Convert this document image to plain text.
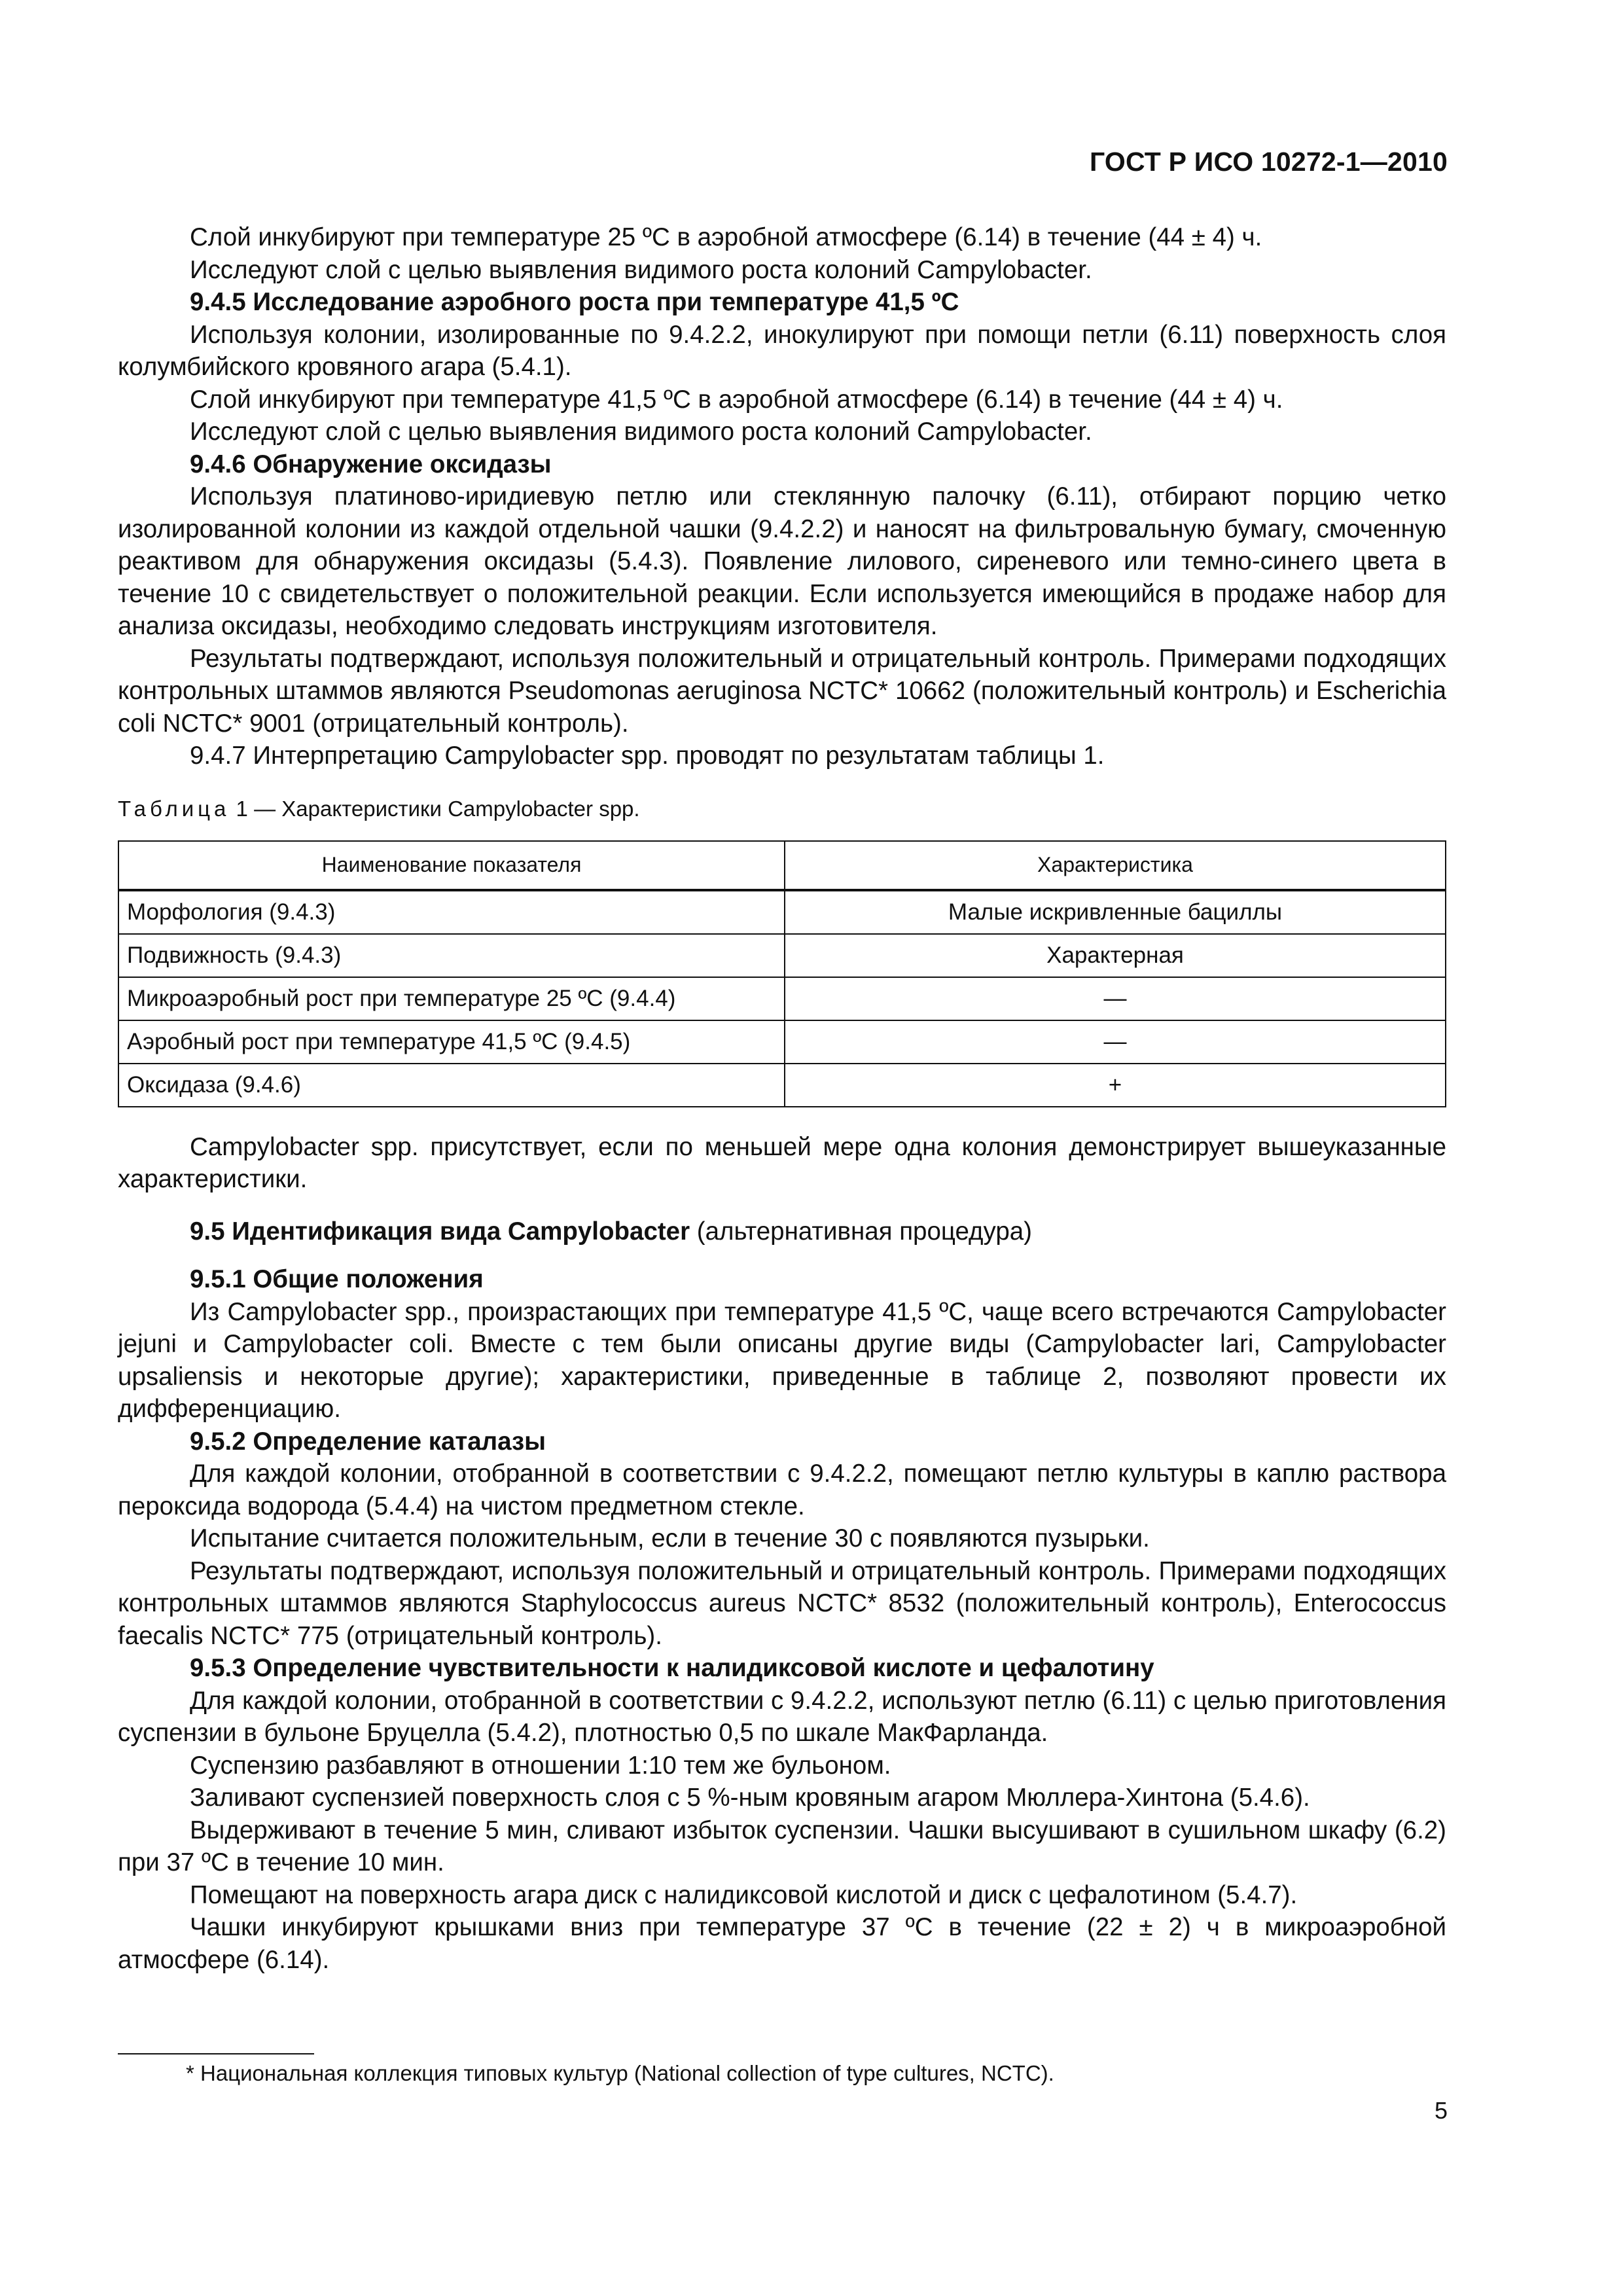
ГОСТ Р ИСО 10272-1—2010

Слой инкубируют при температуре 25 ºC в аэробной атмосфере (6.14) в течение (44 ± 4) ч.

Исследуют слой с целью выявления видимого роста колоний Campylobacter.

9.4.5 Исследование аэробного роста при температуре 41,5 ºC

Используя колонии, изолированные по 9.4.2.2, инокулируют при помощи петли (6.11) поверхность слоя колумбийского кровяного агара (5.4.1).

Слой инкубируют при температуре 41,5 ºC в аэробной атмосфере (6.14) в течение (44 ± 4) ч.

Исследуют слой с целью выявления видимого роста колоний Campylobacter.

9.4.6 Обнаружение оксидазы

Используя платиново-иридиевую петлю или стеклянную палочку (6.11), отбирают порцию четко изолированной колонии из каждой отдельной чашки (9.4.2.2) и наносят на фильтровальную бумагу, смоченную реактивом для обнаружения оксидазы (5.4.3). Появление лилового, сиреневого или темно-синего цвета в течение 10 с свидетельствует о положительной реакции. Если используется имеющийся в продаже набор для анализа оксидазы, необходимо следовать инструкциям изготовителя.

Результаты подтверждают, используя положительный и отрицательный контроль. Примерами подходящих контрольных штаммов являются Pseudomonas aeruginosa NCTC* 10662 (положительный контроль) и Escherichia coli NCTC* 9001 (отрицательный контроль).

9.4.7 Интерпретацию Campylobacter spp. проводят по результатам таблицы 1.

Таблица 1 — Характеристики Campylobacter spp.

Наименование показателя	Характеристика
Морфология (9.4.3)	Малые искривленные бациллы
Подвижность (9.4.3)	Характерная
Микроаэробный рост при температуре 25 ºC (9.4.4)	—
Аэробный рост при температуре 41,5 ºC (9.4.5)	—
Оксидаза (9.4.6)	+

Campylobacter spp. присутствует, если по меньшей мере одна колония демонстрирует вышеуказанные характеристики.

9.5 Идентификация вида Campylobacter (альтернативная процедура)

9.5.1 Общие положения

Из Campylobacter spp., произрастающих при температуре 41,5 ºC, чаще всего встречаются Campylobacter jejuni и Campylobacter coli. Вместе с тем были описаны другие виды (Campylobacter lari, Campylobacter upsaliensis и некоторые другие); характеристики, приведенные в таблице 2, позволяют провести их дифференциацию.

9.5.2 Определение каталазы

Для каждой колонии, отобранной в соответствии с 9.4.2.2, помещают петлю культуры в каплю раствора пероксида водорода (5.4.4) на чистом предметном стекле.

Испытание считается положительным, если в течение 30 с появляются пузырьки.

Результаты подтверждают, используя положительный и отрицательный контроль. Примерами подходящих контрольных штаммов являются Staphylococcus aureus NCTC* 8532 (положительный контроль), Enterococcus faecalis NCTC* 775 (отрицательный контроль).

9.5.3 Определение чувствительности к налидиксовой кислоте и цефалотину

Для каждой колонии, отобранной в соответствии с 9.4.2.2, используют петлю (6.11) с целью приготовления суспензии в бульоне Бруцелла (5.4.2), плотностью 0,5 по шкале МакФарланда.

Суспензию разбавляют в отношении 1:10 тем же бульоном.

Заливают суспензией поверхность слоя с 5 %-ным кровяным агаром Мюллера-Хинтона (5.4.6).

Выдерживают в течение 5 мин, сливают избыток суспензии. Чашки высушивают в сушильном шкафу (6.2) при 37 ºC в течение 10 мин.

Помещают на поверхность агара диск с налидиксовой кислотой и диск с цефалотином (5.4.7).

Чашки инкубируют крышками вниз при температуре 37 ºC в течение (22 ± 2) ч в микроаэробной атмосфере (6.14).

* Национальная коллекция типовых культур (National collection of type cultures, NCTC).
5
